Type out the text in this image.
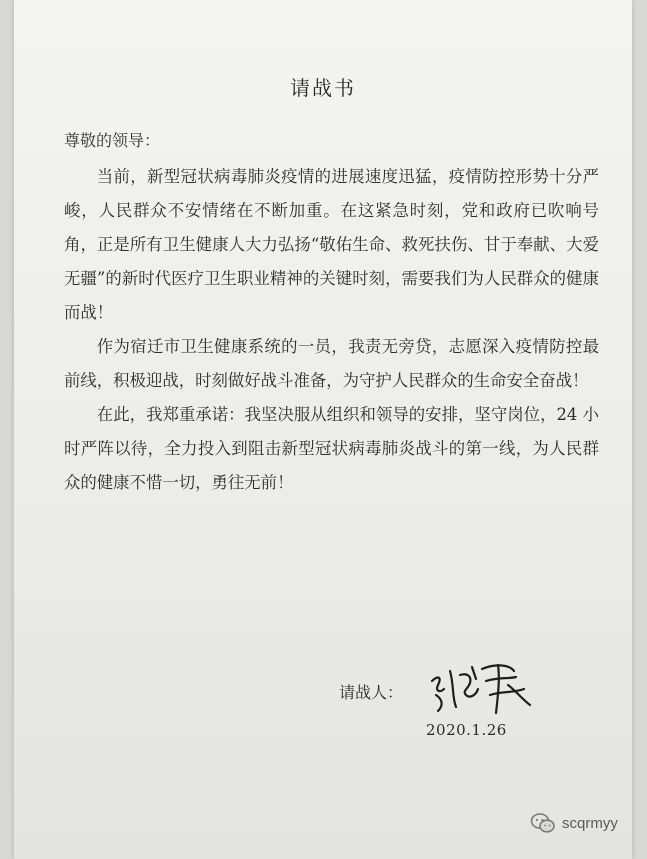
请战书
尊敬的领导：

当前，新型冠状病毒肺炎疫情的进展速度迅猛，疫情防控形势十分严峻，人民群众不安情绪在不断加重。在这紧急时刻，党和政府已吹响号角，正是所有卫生健康人大力弘扬“敬佑生命、救死扶伤、甘于奉献、大爱无疆”的新时代医疗卫生职业精神的关键时刻，需要我们为人民群众的健康而战！

作为宿迁市卫生健康系统的一员，我责无旁贷，志愿深入疫情防控最前线，积极迎战，时刻做好战斗准备，为守护人民群众的生命安全奋战！

在此，我郑重承诺：我坚决服从组织和领导的安排，坚守岗位，24 小时严阵以待，全力投入到阻击新型冠状病毒肺炎战斗的第一线，为人民群众的健康不惜一切，勇往无前！

请战人：
2020.1.26
scqrmyy
